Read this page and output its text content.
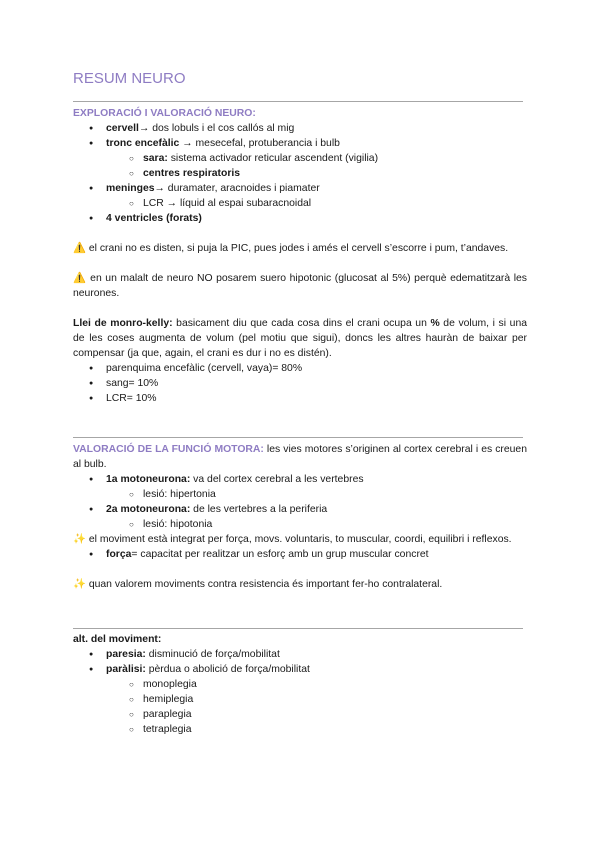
RESUM NEURO
EXPLORACIÓ I VALORACIÓ NEURO:
● cervell→ dos lobuls i el cos callós al mig
● tronc encefàlic → mesecefal, protuberancia i bulb
○ sara: sistema activador reticular ascendent (vigilia)
○ centres respiratoris
● meninges→ duramater, aracnoides i piamater
○ LCR → líquid al espai subaracnoidal
● 4 ventricles (forats)
⚠️ el crani no es disten, si puja la PIC, pues jodes i amés el cervell s’escorre i pum, t’andaves.
⚠️ en un malalt de neuro NO posarem suero hipotonic (glucosat al 5%) perquè edematitzarà les neurones.
Llei de monro-kelly: basicament diu que cada cosa dins el crani ocupa un % de volum, i si una de les coses augmenta de volum (pel motiu que sigui), doncs les altres hauràn de baixar per compensar (ja que, again, el crani es dur i no es distén).
● parenquima encefàlic (cervell, vaya)= 80%
● sang= 10%
● LCR= 10%
VALORACIÓ DE LA FUNCIÓ MOTORA: les vies motores s’originen al cortex cerebral i es creuen al bulb.
● 1a motoneurona: va del cortex cerebral a les vertebres
○ lesió: hipertonia
● 2a motoneurona: de les vertebres a la periferia
○ lesió: hipotonia
✨ el moviment està integrat per força, movs. voluntaris, to muscular, coordi, equilibri i reflexos.
● força= capacitat per realitzar un esforç amb un grup muscular concret
✨ quan valorem moviments contra resistencia és important fer-ho contralateral.
alt. del moviment:
● paresia: disminució de força/mobilitat
● paràlisi: pèrdua o abolició de força/mobilitat
○ monoplegia
○ hemiplegia
○ paraplegia
○ tetraplegia
